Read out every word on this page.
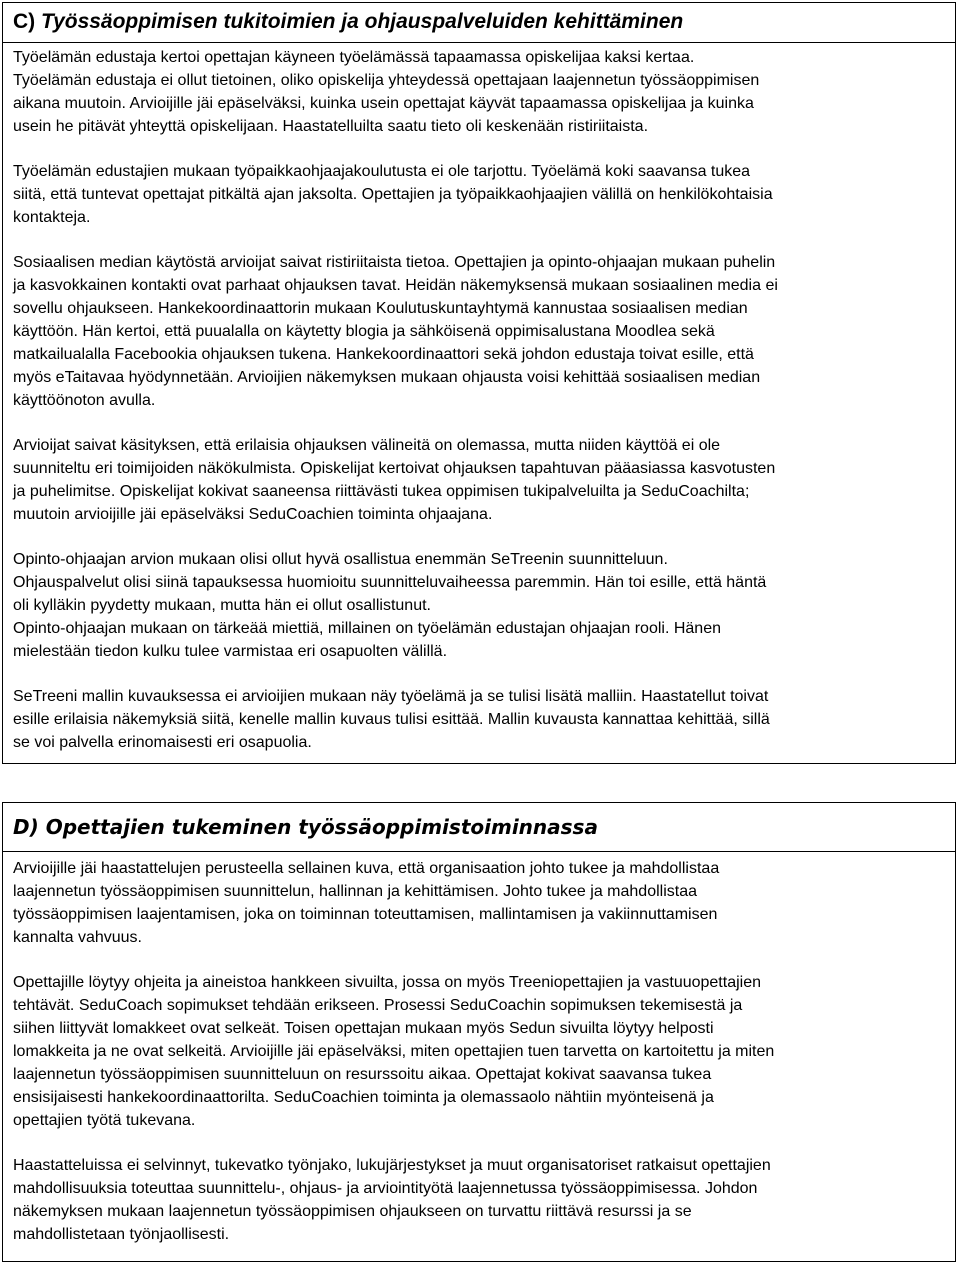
C) Työssäoppimisen tukitoimien ja ohjauspalveluiden kehittäminen
Työelämän edustaja kertoi opettajan käyneen työelämässä tapaamassa opiskelijaa kaksi kertaa.
Työelämän edustaja ei ollut tietoinen, oliko opiskelija yhteydessä opettajaan laajennetun työssäoppimisen
aikana muutoin. Arvioijille jäi epäselväksi, kuinka usein opettajat käyvät tapaamassa opiskelijaa ja kuinka
usein he pitävät yhteyttä opiskelijaan. Haastatelluilta saatu tieto oli keskenään ristiriitaista.
Työelämän edustajien mukaan työpaikkaohjaajakoulutusta ei ole tarjottu. Työelämä koki saavansa tukea
siitä, että tuntevat opettajat pitkältä ajan jaksolta. Opettajien ja työpaikkaohjaajien välillä on henkilökohtaisia
kontakteja.
Sosiaalisen median käytöstä arvioijat saivat ristiriitaista tietoa. Opettajien ja opinto-ohjaajan mukaan puhelin
ja kasvokkainen kontakti ovat parhaat ohjauksen tavat. Heidän näkemyksensä mukaan sosiaalinen media ei
sovellu ohjaukseen. Hankekoordinaattorin mukaan Koulutuskuntayhtymä kannustaa sosiaalisen median
käyttöön. Hän kertoi, että puualalla on käytetty blogia ja sähköisenä oppimisalustana Moodlea sekä
matkailualalla Facebookia ohjauksen tukena. Hankekoordinaattori sekä johdon edustaja toivat esille, että
myös eTaitavaa hyödynnetään. Arvioijien näkemyksen mukaan ohjausta voisi kehittää sosiaalisen median
käyttöönoton avulla.
Arvioijat saivat käsityksen, että erilaisia ohjauksen välineitä on olemassa, mutta niiden käyttöä ei ole
suunniteltu eri toimijoiden näkökulmista. Opiskelijat kertoivat ohjauksen tapahtuvan pääasiassa kasvotusten
ja puhelimitse. Opiskelijat kokivat saaneensa riittävästi tukea oppimisen tukipalveluilta ja SeduCoachilta;
muutoin arvioijille jäi epäselväksi SeduCoachien toiminta ohjaajana.
Opinto-ohjaajan arvion mukaan olisi ollut hyvä osallistua enemmän SeTreenin suunnitteluun.
Ohjauspalvelut olisi siinä tapauksessa huomioitu suunnitteluvaiheessa paremmin. Hän toi esille, että häntä
oli kylläkin pyydetty mukaan, mutta hän ei ollut osallistunut.
Opinto-ohjaajan mukaan on tärkeää miettiä, millainen on työelämän edustajan ohjaajan rooli. Hänen
mielestään tiedon kulku tulee varmistaa eri osapuolten välillä.
SeTreeni mallin kuvauksessa ei arvioijien mukaan näy työelämä ja se tulisi lisätä malliin. Haastatellut toivat
esille erilaisia näkemyksiä siitä, kenelle mallin kuvaus tulisi esittää. Mallin kuvausta kannattaa kehittää, sillä
se voi palvella erinomaisesti eri osapuolia.
D) Opettajien tukeminen työssäoppimistoiminnassa
Arvioijille jäi haastattelujen perusteella sellainen kuva, että organisaation johto tukee ja mahdollistaa
laajennetun työssäoppimisen suunnittelun, hallinnan ja kehittämisen. Johto tukee ja mahdollistaa
työssäoppimisen laajentamisen, joka on toiminnan toteuttamisen, mallintamisen ja vakiinnuttamisen
kannalta vahvuus.
Opettajille löytyy ohjeita ja aineistoa hankkeen sivuilta, jossa on myös Treeniopettajien ja vastuuopettajien
tehtävät. SeduCoach sopimukset tehdään erikseen. Prosessi SeduCoachin sopimuksen tekemisestä ja
siihen liittyvät lomakkeet ovat selkeät. Toisen opettajan mukaan myös Sedun sivuilta löytyy helposti
lomakkeita ja ne ovat selkeitä. Arvioijille jäi epäselväksi, miten opettajien tuen tarvetta on kartoitettu ja miten
laajennetun työssäoppimisen suunnitteluun on resurssoitu aikaa. Opettajat kokivat saavansa tukea
ensisijaisesti hankekoordinaattorilta. SeduCoachien toiminta ja olemassaolo nähtiin myönteisenä ja
opettajien työtä tukevana.
Haastatteluissa ei selvinnyt, tukevatko työnjako, lukujärjestykset ja muut organisatoriset ratkaisut opettajien
mahdollisuuksia toteuttaa suunnittelu-, ohjaus- ja arviointityötä laajennetussa työssäoppimisessa. Johdon
näkemyksen mukaan laajennetun työssäoppimisen ohjaukseen on turvattu riittävä resurssi ja se
mahdollistetaan työnjaollisesti.
